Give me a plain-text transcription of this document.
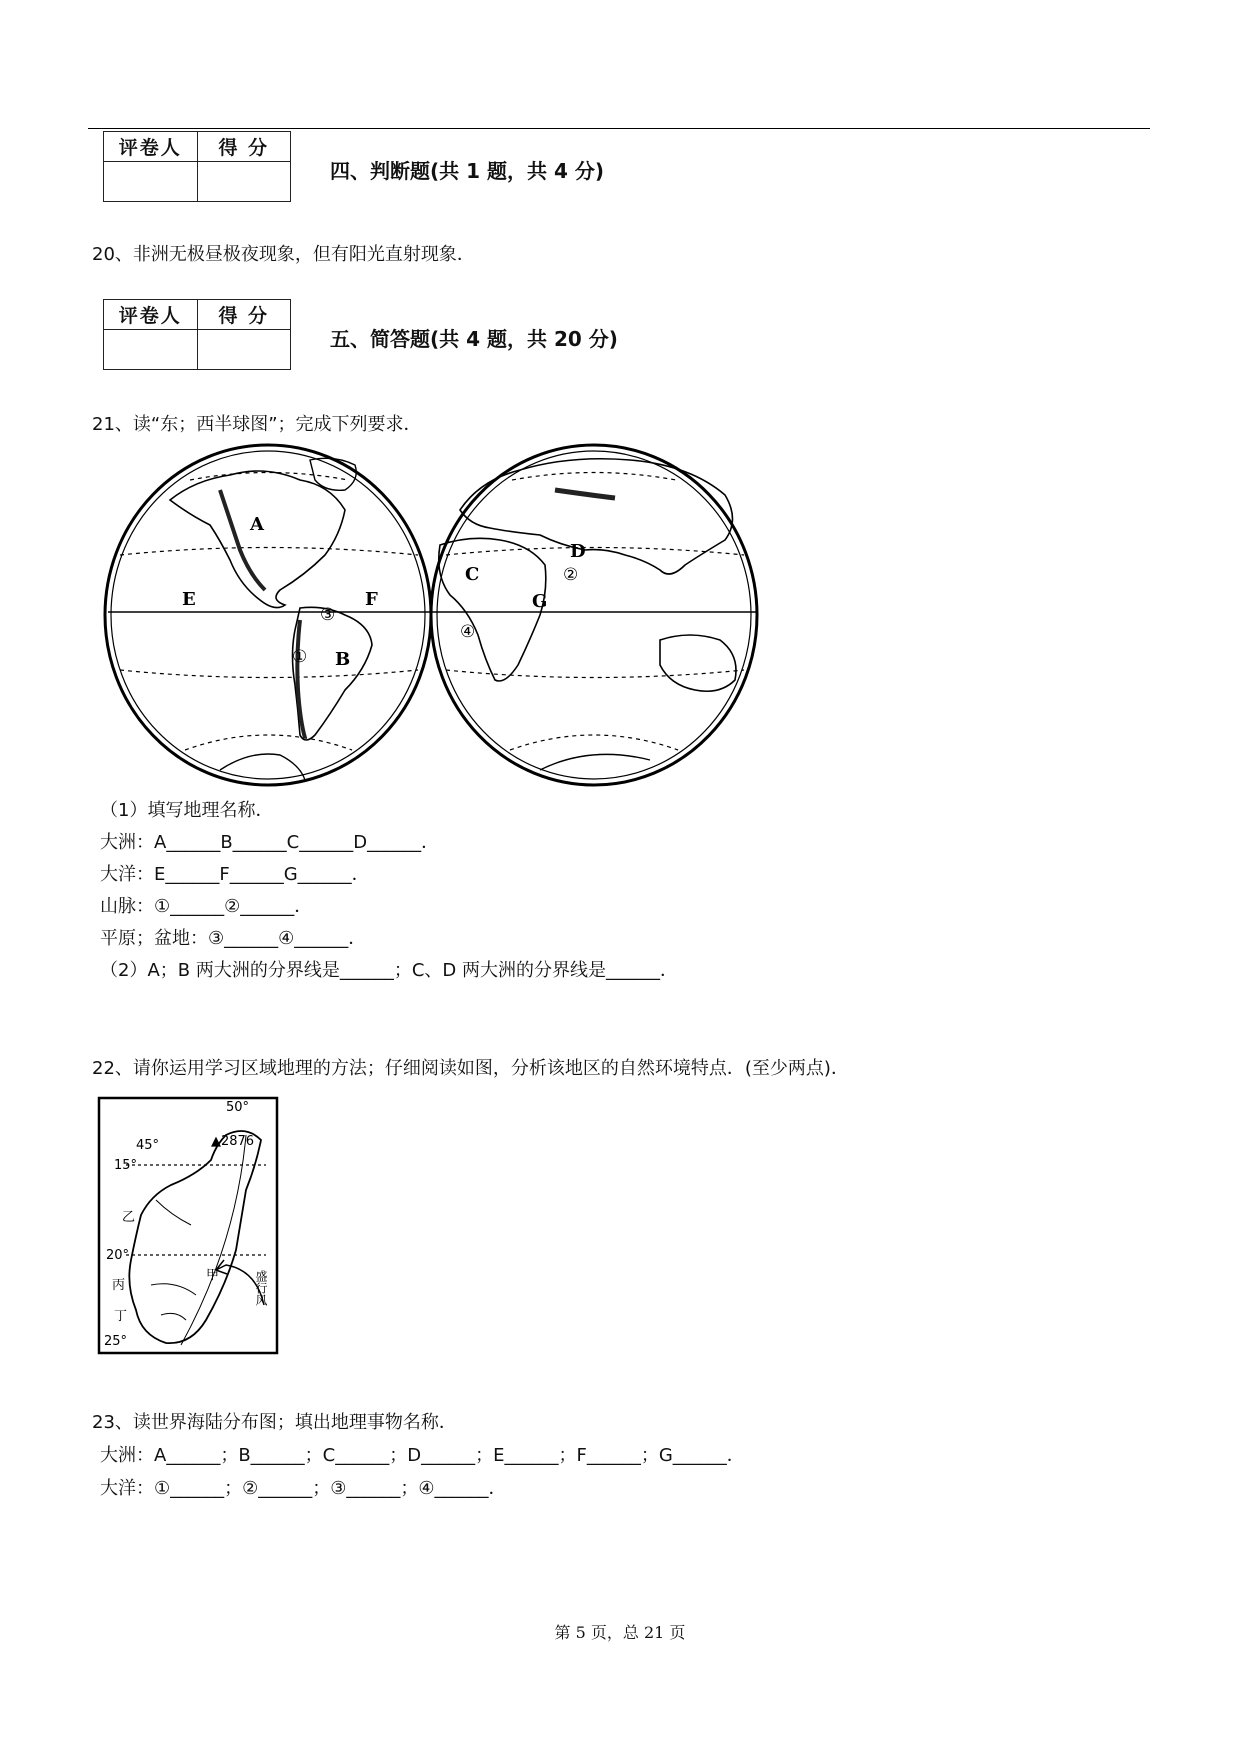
评卷人	得 分

四、判断题(共 1 题，共 4 分)
20、非洲无极昼极夜现象，但有阳光直射现象．
评卷人	得 分

五、简答题(共 4 题，共 20 分)
21、读“东；西半球图”；完成下列要求．
E	F
A
B
C
D
G
①
②
③
④
（1）填写地理名称．
大洲：A______B______C______D______．
大洋：E______F______G______．
山脉：①______②______．
平原；盆地：③______④______．
（2）A；B 两大洲的分界线是______；C、D 两大洲的分界线是______．
22、请你运用学习区域地理的方法；仔细阅读如图，分析该地区的自然环境特点．(至少两点)．
50°
45°	▲2876
15°
20°
25°
乙
丙
丁
甲	盛行风
23、读世界海陆分布图；填出地理事物名称．
大洲：A______；B______；C______；D______；E______；F______；G______．
大洋：①______；②______；③______；④______．
第 5 页，总 21 页
